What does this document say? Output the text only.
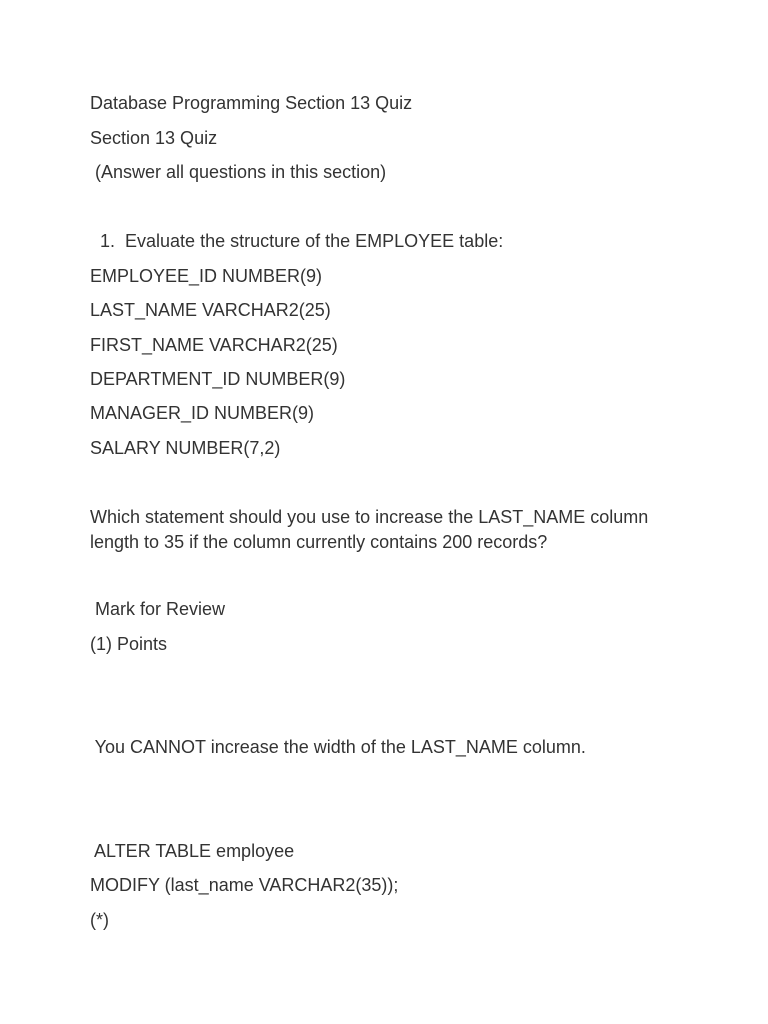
Database Programming Section 13 Quiz
Section 13 Quiz
(Answer all questions in this section)
1.  Evaluate the structure of the EMPLOYEE table:
EMPLOYEE_ID NUMBER(9)
LAST_NAME VARCHAR2(25)
FIRST_NAME VARCHAR2(25)
DEPARTMENT_ID NUMBER(9)
MANAGER_ID NUMBER(9)
SALARY NUMBER(7,2)
Which statement should you use to increase the LAST_NAME column length to 35 if the column currently contains 200 records?
Mark for Review
(1) Points
You CANNOT increase the width of the LAST_NAME column.
ALTER TABLE employee
MODIFY (last_name VARCHAR2(35));
(*)
